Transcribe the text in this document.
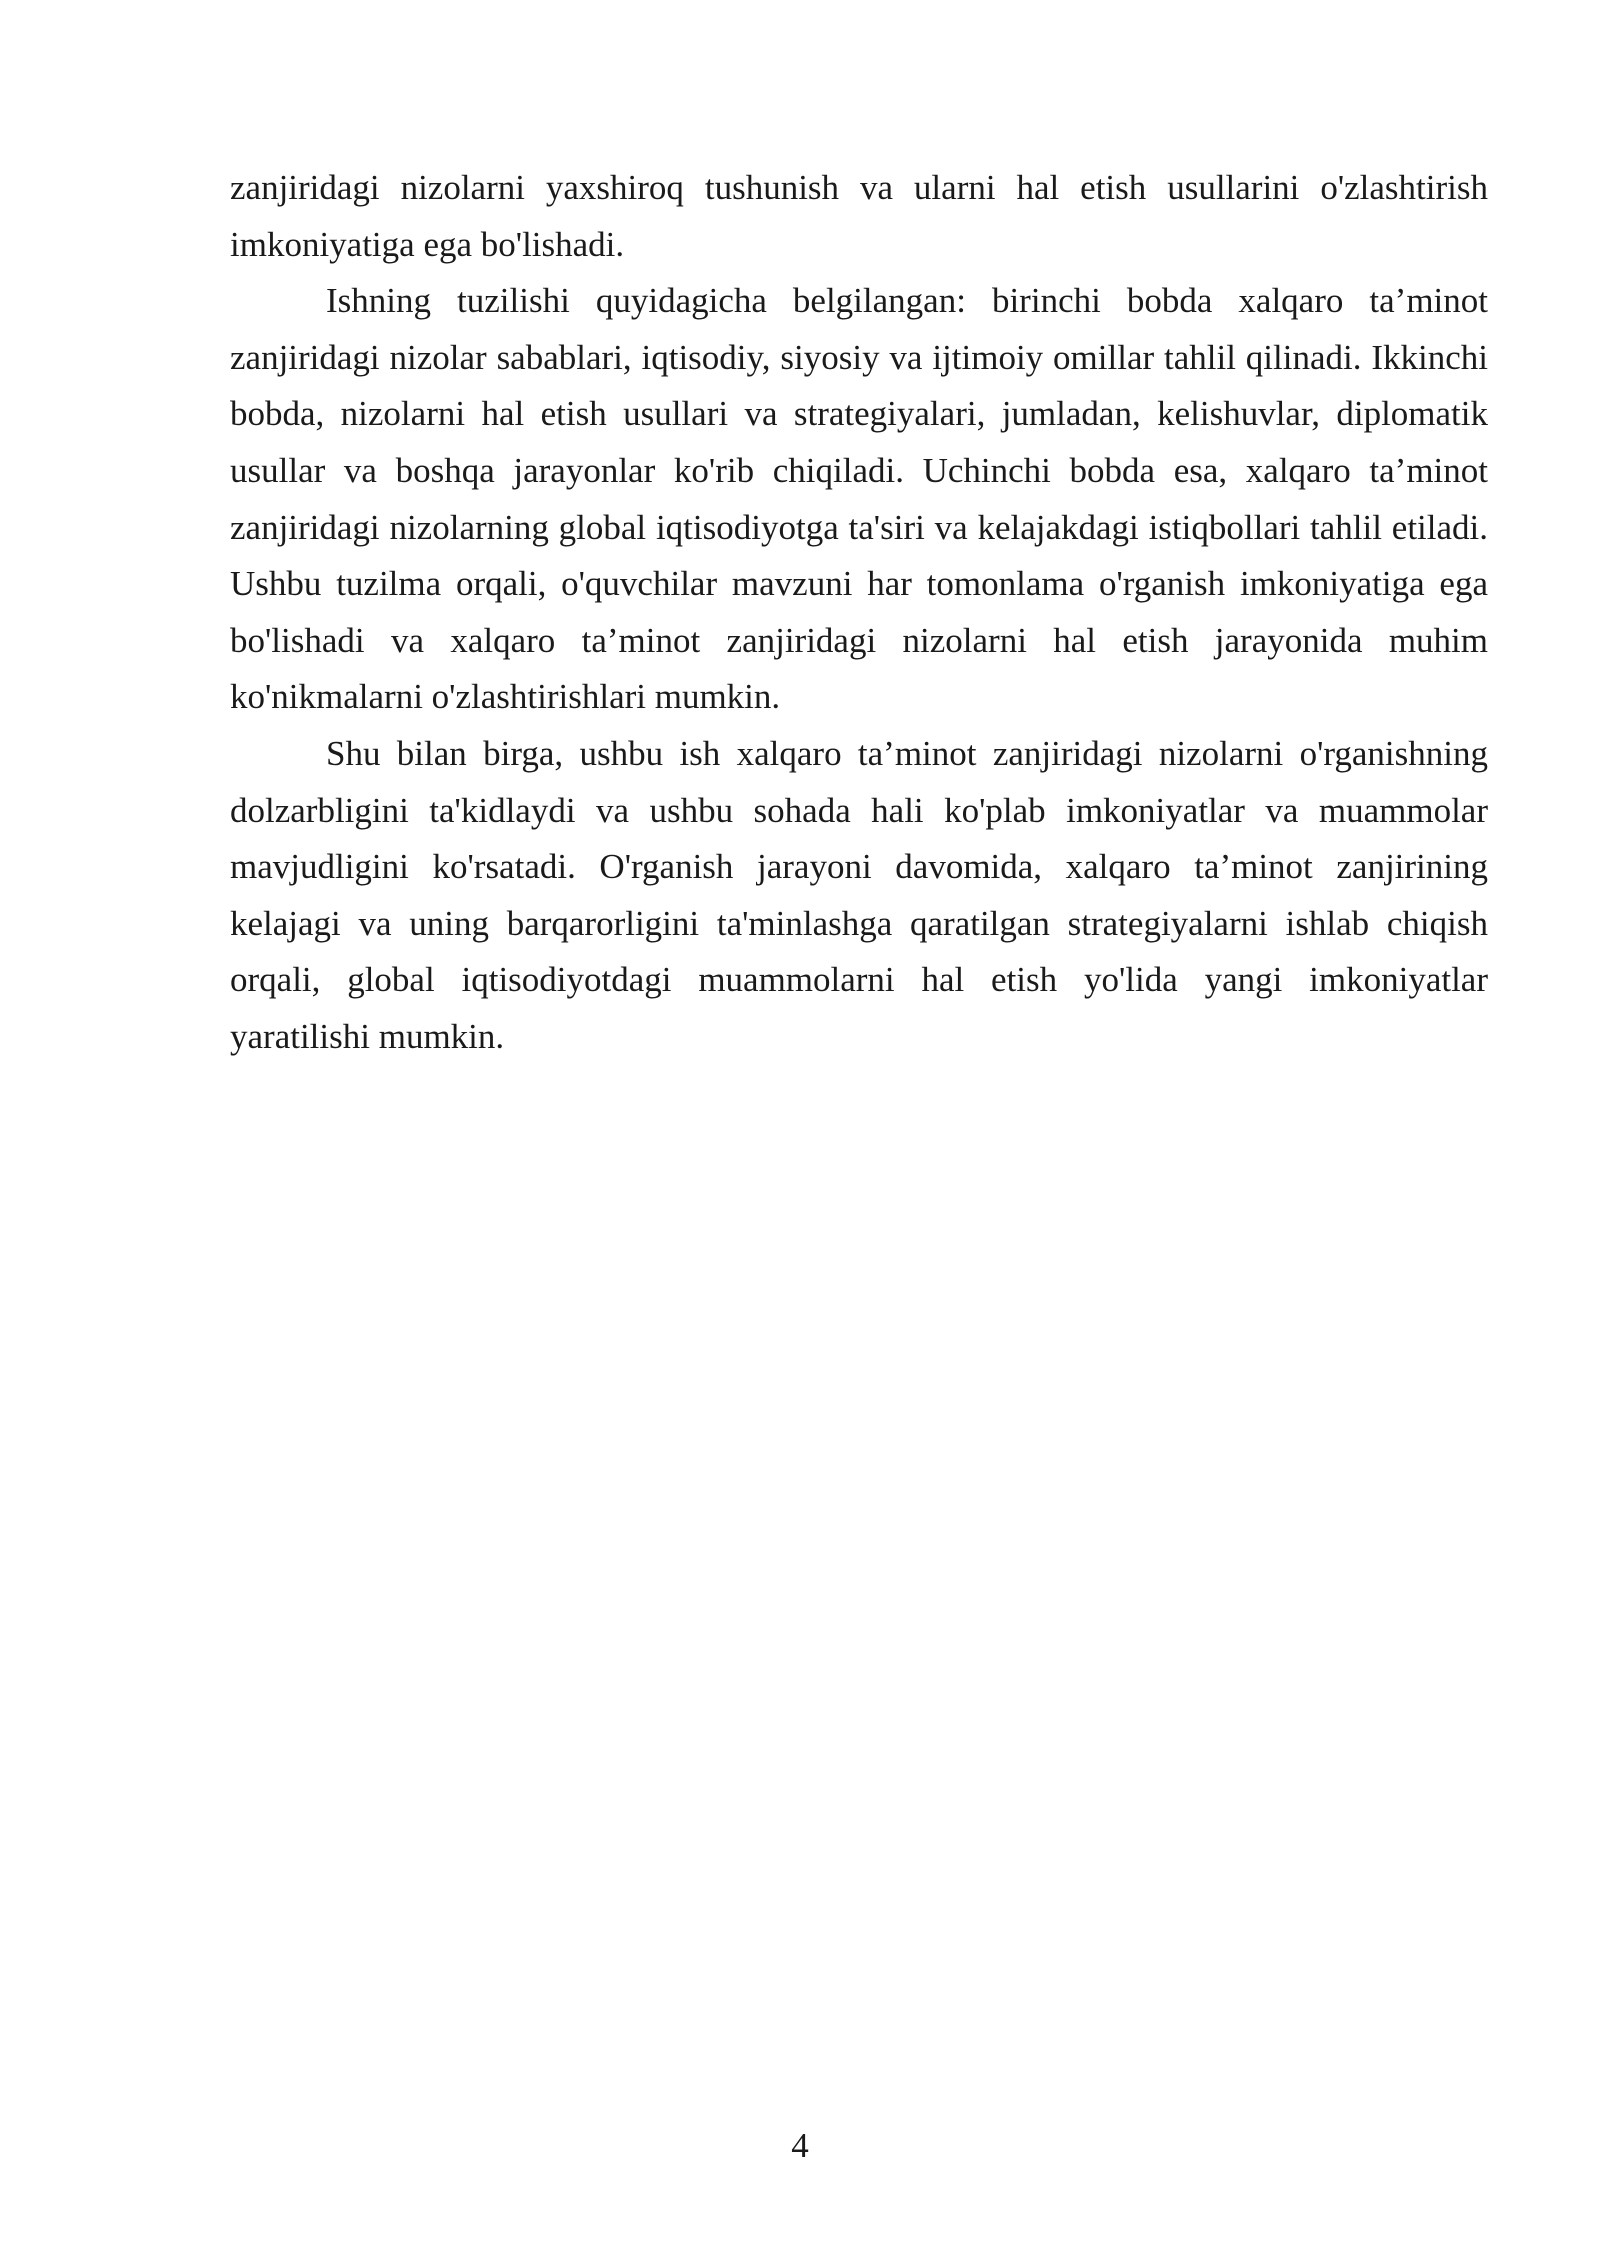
zanjiridagi nizolarni yaxshiroq tushunish va ularni hal etish usullarini o'zlashtirish imkoniyatiga ega bo'lishadi.

Ishning tuzilishi quyidagicha belgilangan: birinchi bobda xalqaro ta’minot zanjiridagi nizolar sabablari, iqtisodiy, siyosiy va ijtimoiy omillar tahlil qilinadi. Ikkinchi bobda, nizolarni hal etish usullari va strategiyalari, jumladan, kelishuvlar, diplomatik usullar va boshqa jarayonlar ko'rib chiqiladi. Uchinchi bobda esa, xalqaro ta’minot zanjiridagi nizolarning global iqtisodiyotga ta'siri va kelajakdagi istiqbollari tahlil etiladi. Ushbu tuzilma orqali, o'quvchilar mavzuni har tomonlama o'rganish imkoniyatiga ega bo'lishadi va xalqaro ta’minot zanjiridagi nizolarni hal etish jarayonida muhim ko'nikmalarni o'zlashtirishlari mumkin.

Shu bilan birga, ushbu ish xalqaro ta’minot zanjiridagi nizolarni o'rganishning dolzarbligini ta'kidlaydi va ushbu sohada hali ko'plab imkoniyatlar va muammolar mavjudligini ko'rsatadi. O'rganish jarayoni davomida, xalqaro ta’minot zanjirining kelajagi va uning barqarorligini ta'minlashga qaratilgan strategiyalarni ishlab chiqish orqali, global iqtisodiyotdagi muammolarni hal etish yo'lida yangi imkoniyatlar yaratilishi mumkin.

4
